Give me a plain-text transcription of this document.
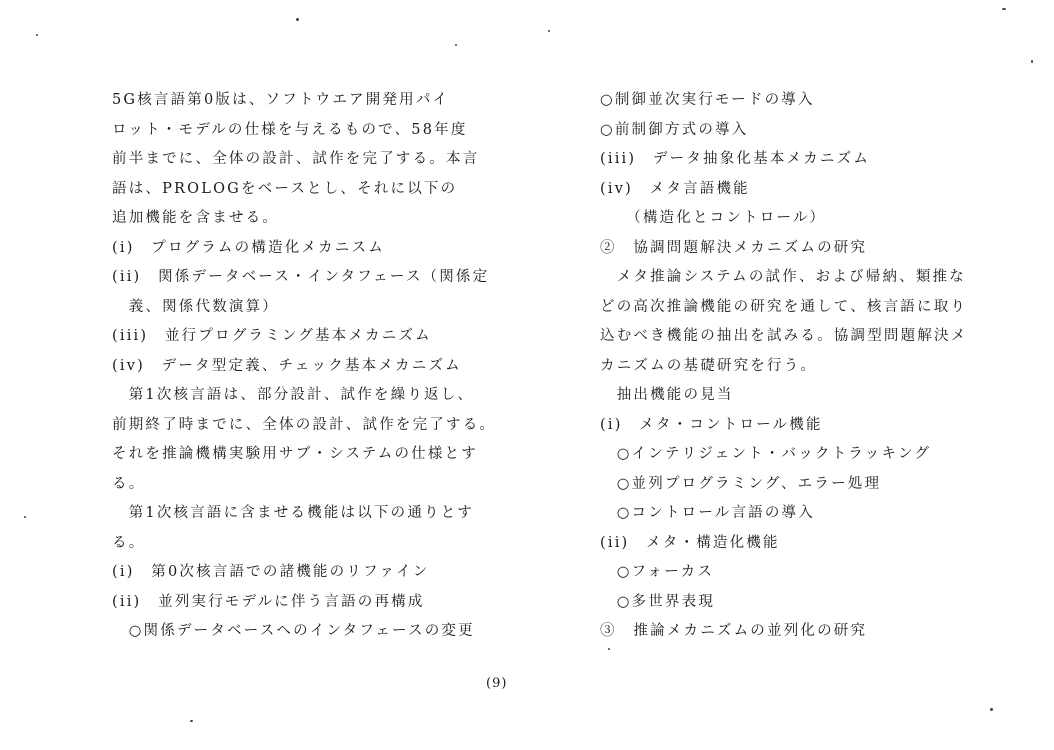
5G核言語第0版は、ソフトウエア開発用パイ
ロット・モデルの仕様を与えるもので、58年度
前半までに、全体の設計、試作を完了する。本言
語は、PROLOGをベースとし、それに以下の
追加機能を含ませる。
(i)　プログラムの構造化メカニスム
(ii)　関係データベース・インタフェース（関係定
　義、関係代数演算）
(iii)　並行プログラミング基本メカニズム
(iv)　データ型定義、チェック基本メカニズム
　第1次核言語は、部分設計、試作を繰り返し、
前期終了時までに、全体の設計、試作を完了する。
それを推論機構実験用サブ・システムの仕様とす
る。
　第1次核言語に含ませる機能は以下の通りとす
る。
(i)　第0次核言語での諸機能のリファイン
(ii)　並列実行モデルに伴う言語の再構成
　○関係データベースへのインタフェースの変更
○制御並次実行モードの導入
○前制御方式の導入
(iii)　データ抽象化基本メカニズム
(iv)　メタ言語機能
　　（構造化とコントロール）
②　協調問題解決メカニズムの研究
　メタ推論システムの試作、および帰納、類推な
どの高次推論機能の研究を通して、核言語に取り
込むべき機能の抽出を試みる。協調型問題解決メ
カニズムの基礎研究を行う。
　抽出機能の見当
(i)　メタ・コントロール機能
　○インテリジェント・バックトラッキング
　○並列プログラミング、エラー処理
　○コントロール言語の導入
(ii)　メタ・構造化機能
　○フォーカス
　○多世界表現
③　推論メカニズムの並列化の研究
(9)
